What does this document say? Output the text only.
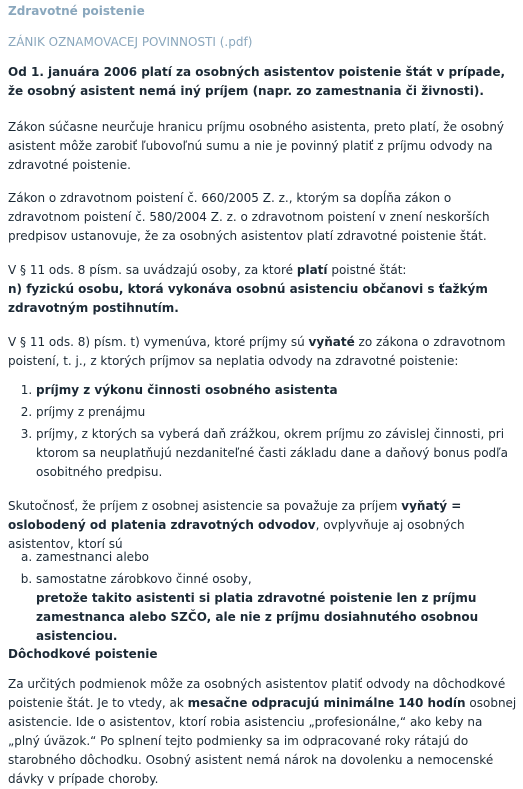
Zdravotné poistenie
ZÁNIK OZNAMOVACEJ POVINNOSTI (.pdf)
Od 1. januára 2006 platí za osobných asistentov poistenie štát v prípade, že osobný asistent nemá iný príjem (napr. zo zamestnania či živnosti).
Zákon súčasne neurčuje hranicu príjmu osobného asistenta, preto platí, že osobný asistent môže zarobiť ľubovoľnú sumu a nie je povinný platiť z príjmu odvody na zdravotné poistenie.
Zákon o zdravotnom poistení č. 660/2005 Z. z., ktorým sa dopĺňa zákon o zdravotnom poistení č. 580/2004 Z. z. o zdravotnom poistení v znení neskorších predpisov ustanovuje, že za osobných asistentov platí zdravotné poistenie štát.
V § 11 ods. 8 písm. sa uvádzajú osoby, za ktoré platí poistné štát:
n) fyzickú osobu, ktorá vykonáva osobnú asistenciu občanovi s ťažkým zdravotným postihnutím.
V § 11 ods. 8) písm. t) vymenúva, ktoré príjmy sú vyňaté zo zákona o zdravotnom poistení, t. j., z ktorých príjmov sa neplatia odvody na zdravotné poistenie:
1. príjmy z výkonu činnosti osobného asistenta
2. príjmy z prenájmu
3. príjmy, z ktorých sa vyberá daň zrážkou, okrem príjmu zo závislej činnosti, pri ktorom sa neuplatňujú nezdaniteľné časti základu dane a daňový bonus podľa osobitného predpisu.
Skutočnosť, že príjem z osobnej asistencie sa považuje za príjem vyňatý = oslobodený od platenia zdravotných odvodov, ovplyvňuje aj osobných asistentov, ktorí sú
a. zamestnanci alebo
b. samostatne zárobkovo činné osoby,
pretože takito asistenti si platia zdravotné poistenie len z príjmu zamestnanca alebo SZČO, ale nie z príjmu dosiahnutého osobnou asistenciou.
Dôchodkové poistenie
Za určitých podmienok môže za osobných asistentov platiť odvody na dôchodkové poistenie štát. Je to vtedy, ak mesačne odpracujú minimálne 140 hodín osobnej asistencie. Ide o asistentov, ktorí robia asistenciu „profesionálne,“ ako keby na „plný úväzok.“ Po splnení tejto podmienky sa im odpracované roky rátajú do starobného dôchodku. Osobný asistent nemá nárok na dovolenku a nemocenské dávky v prípade choroby.
